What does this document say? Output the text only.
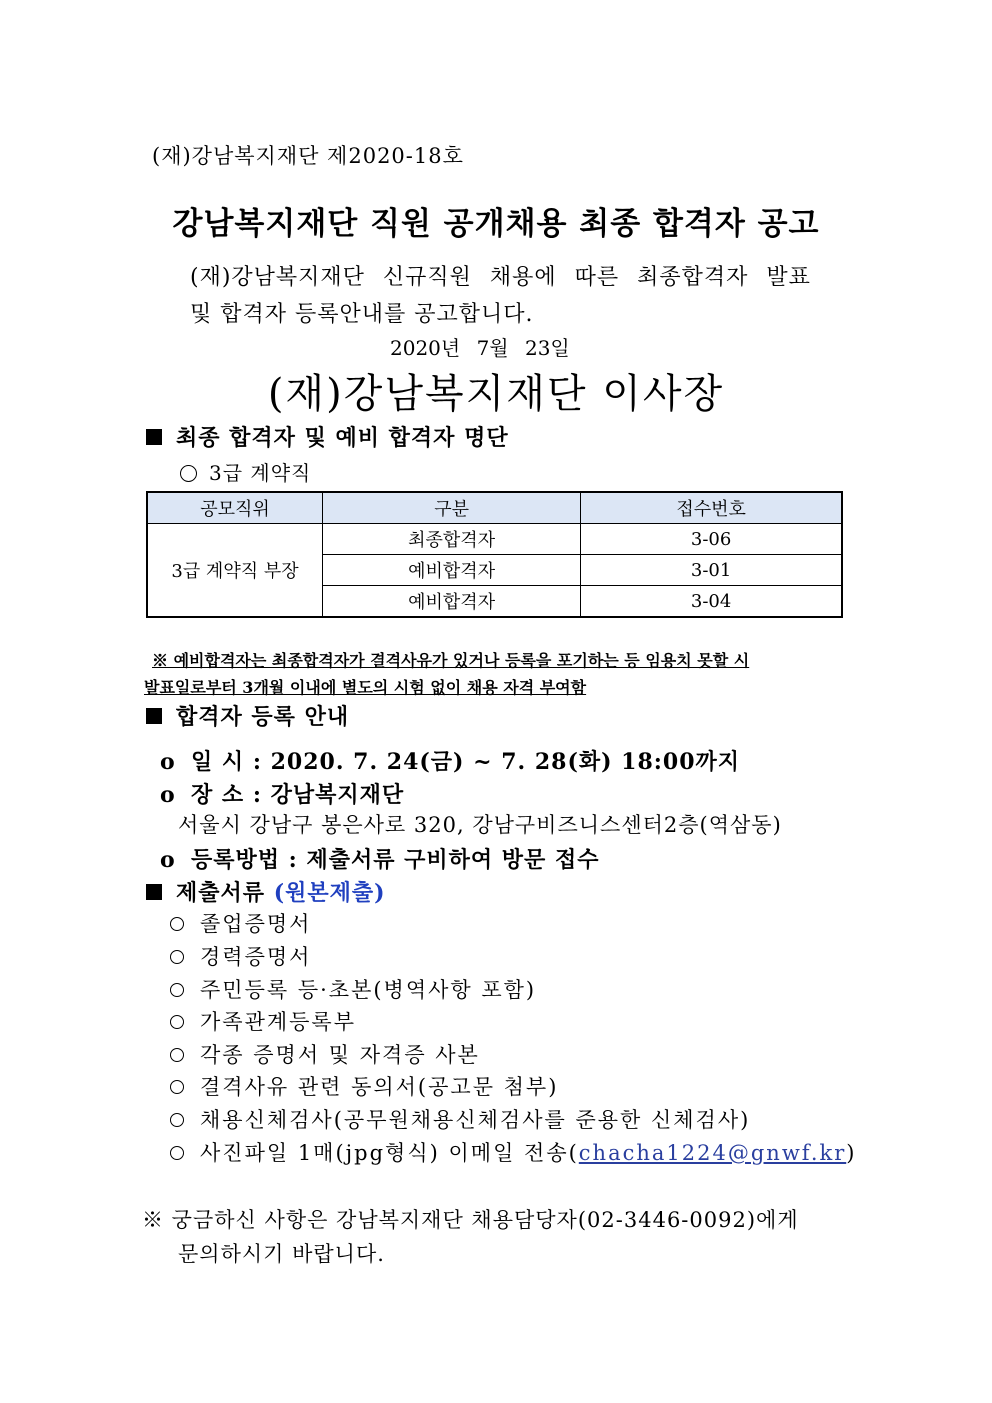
(재)강남복지재단 제2020-18호
강남복지재단 직원 공개채용 최종 합격자 공고
(재)강남복지재단 신규직원 채용에 따른 최종합격자 발표
및 합격자 등록안내를 공고합니다.
2020년 7월 23일
(재)강남복지재단 이사장
최종 합격자 및 예비 합격자 명단
3급 계약직
공모직위	구분	접수번호
3급 계약직 부장	최종합격자	3-06
	예비합격자	3-01
	예비합격자	3-04
※ 예비합격자는 최종합격자가 결격사유가 있거나 등록을 포기하는 등 임용치 못할 시
발표일로부터 3개월 이내에 별도의 시험 없이 채용 자격 부여함
합격자 등록 안내
o 일 시 : 2020. 7. 24(금) ~ 7. 28(화) 18:00까지
o 장 소 : 강남복지재단
서울시 강남구 봉은사로 320, 강남구비즈니스센터2층(역삼동)
o 등록방법 : 제출서류 구비하여 방문 접수
제출서류 (원본제출)
졸업증명서
경력증명서
주민등록 등·초본(병역사항 포함)
가족관계등록부
각종 증명서 및 자격증 사본
결격사유 관련 동의서(공고문 첨부)
채용신체검사(공무원채용신체검사를 준용한 신체검사)
사진파일 1매(jpg형식) 이메일 전송(chacha1224@gnwf.kr)
※ 궁금하신 사항은 강남복지재단 채용담당자(02-3446-0092)에게
문의하시기 바랍니다.
